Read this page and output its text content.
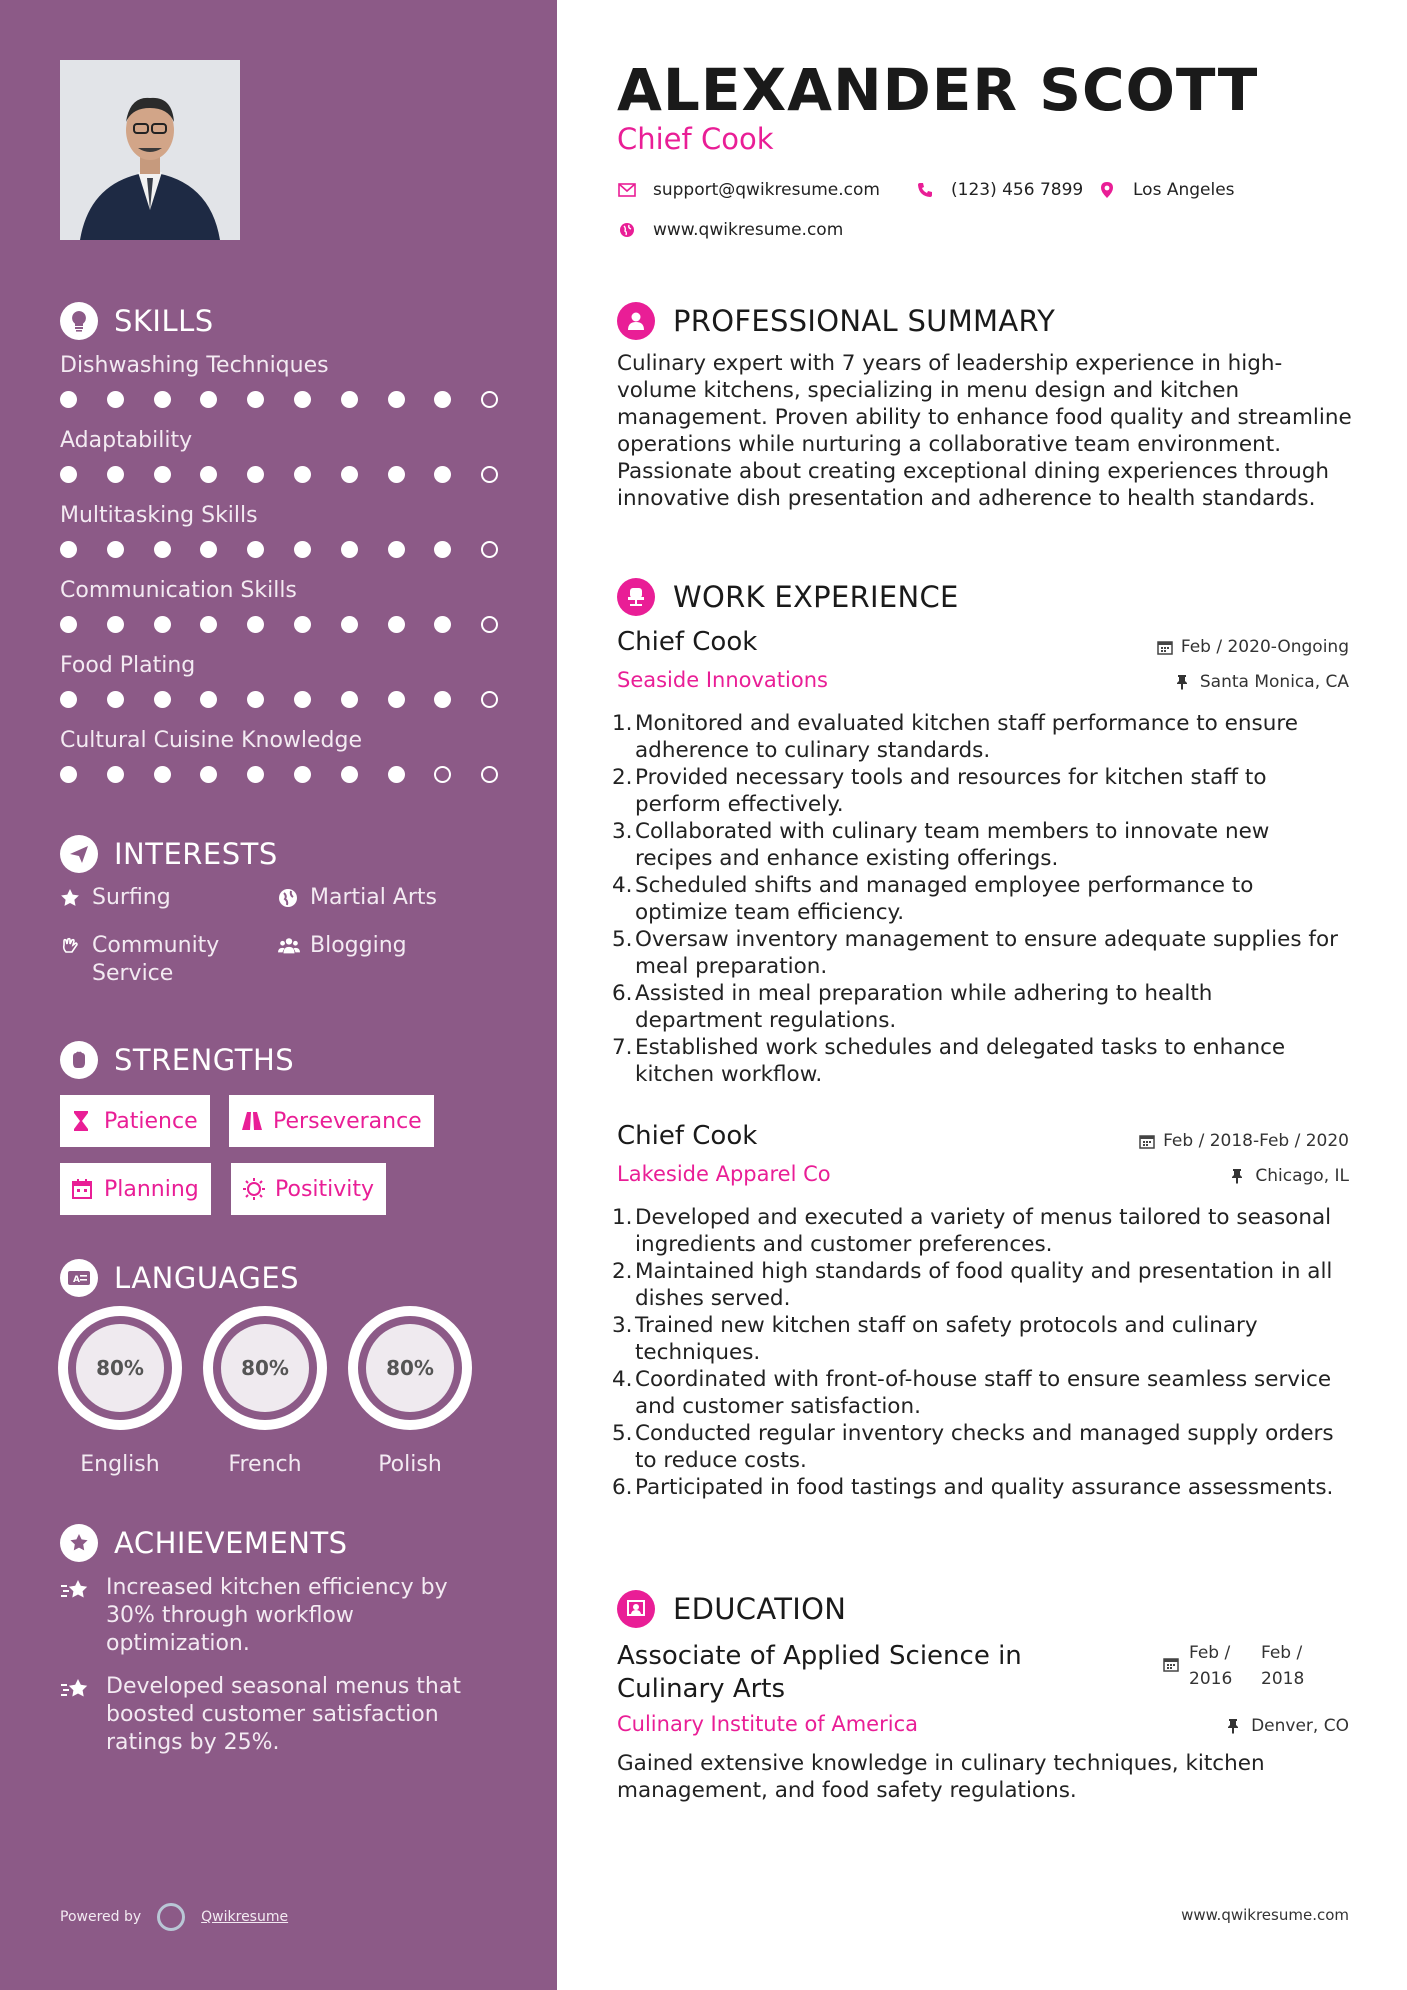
SKILLS
Dishwashing Techniques
Adaptability
Multitasking Skills
Communication Skills
Food Plating
Cultural Cuisine Knowledge
INTERESTS
Surfing	Martial Arts
Community Service
Blogging
STRENGTHS
Patience	Perseverance
Planning	Positivity
A LANGUAGES
80%
English
80%
French
80%
Polish
ACHIEVEMENTS
Increased kitchen efficiency by 30% through workflow optimization.
Developed seasonal menus that boosted customer satisfaction ratings by 25%.
Powered by	Qwikresume
ALEXANDER SCOTT
Chief Cook
support@qwikresume.com	(123) 456 7899	Los Angeles
www.qwikresume.com
PROFESSIONAL SUMMARY
Culinary expert with 7 years of leadership experience in high-volume kitchens, specializing in menu design and kitchen management. Proven ability to enhance food quality and streamline operations while nurturing a collaborative team environment. Passionate about creating exceptional dining experiences through innovative dish presentation and adherence to health standards.
WORK EXPERIENCE
Chief Cook	Feb / 2020-Ongoing
Seaside Innovations	Santa Monica, CA
1. Monitored and evaluated kitchen staff performance to ensure adherence to culinary standards.
2. Provided necessary tools and resources for kitchen staff to perform effectively.
3. Collaborated with culinary team members to innovate new recipes and enhance existing offerings.
4. Scheduled shifts and managed employee performance to optimize team efficiency.
5. Oversaw inventory management to ensure adequate supplies for meal preparation.
6. Assisted in meal preparation while adhering to health department regulations.
7. Established work schedules and delegated tasks to enhance kitchen workflow.
Chief Cook	Feb / 2018-Feb / 2020
Lakeside Apparel Co	Chicago, IL
1. Developed and executed a variety of menus tailored to seasonal ingredients and customer preferences.
2. Maintained high standards of food quality and presentation in all dishes served.
3. Trained new kitchen staff on safety protocols and culinary techniques.
4. Coordinated with front-of-house staff to ensure seamless service and customer satisfaction.
5. Conducted regular inventory checks and managed supply orders to reduce costs.
6. Participated in food tastings and quality assurance assessments.
EDUCATION
Associate of Applied Science in Culinary Arts
Feb / 2016
Feb / 2018
Culinary Institute of America	Denver, CO
Gained extensive knowledge in culinary techniques, kitchen management, and food safety regulations.
www.qwikresume.com
